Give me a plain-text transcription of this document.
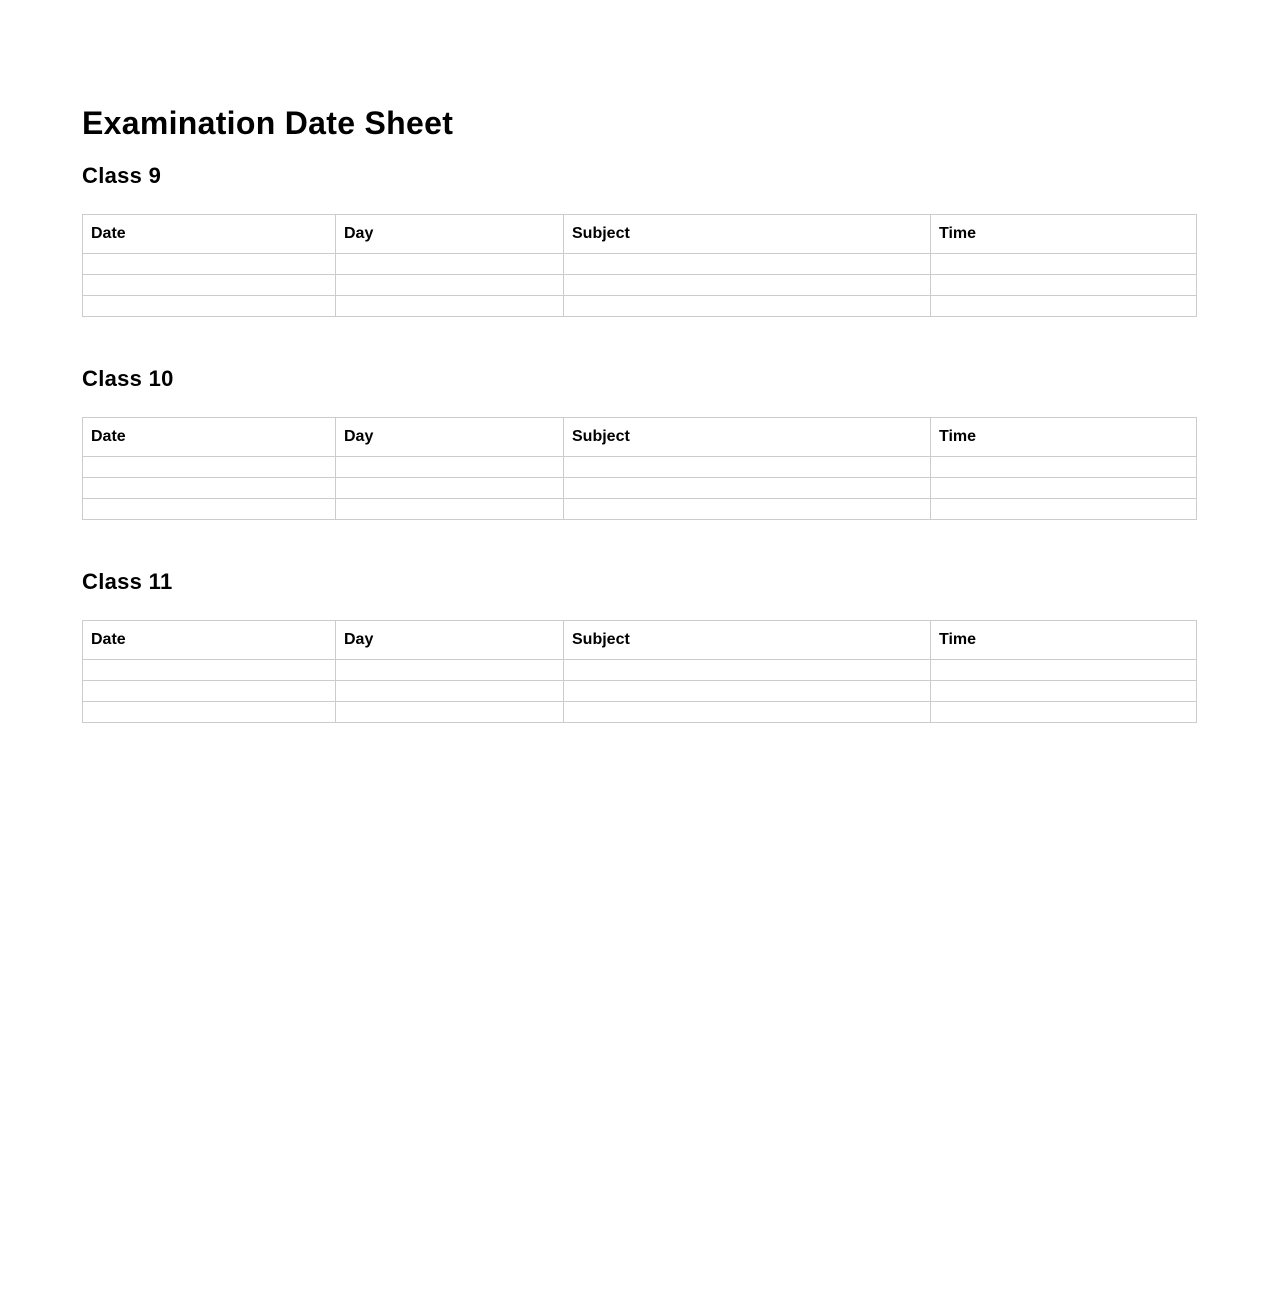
Examination Date Sheet
Class 9
Date	Day	Subject	Time

Class 10
Date	Day	Subject	Time

Class 11
Date	Day	Subject	Time
